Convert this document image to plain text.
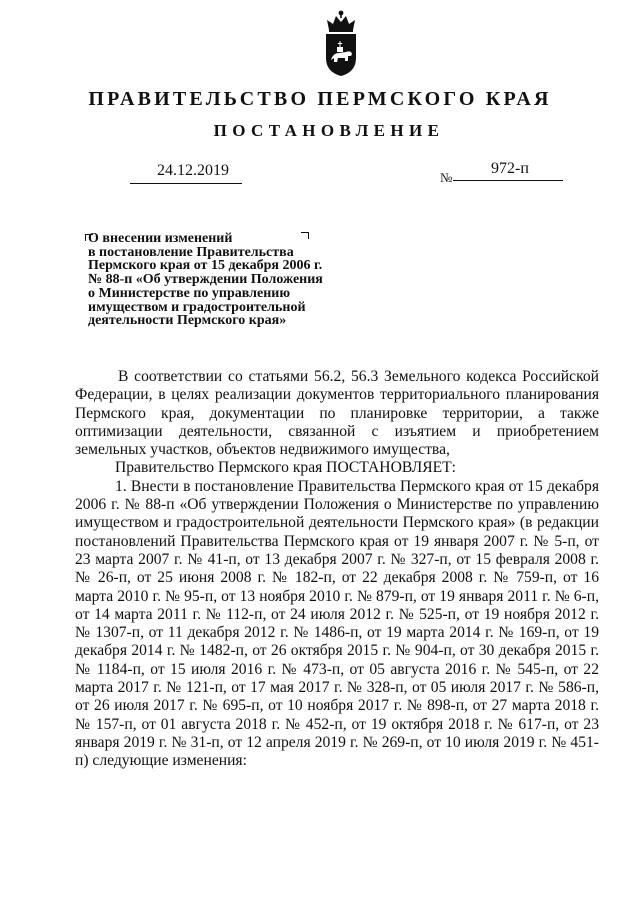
ПРАВИТЕЛЬСТВО ПЕРМСКОГО КРАЯ
ПОСТАНОВЛЕНИЕ
24.12.2019	№
972-п
О внесении изменений
в постановление Правительства
Пермского края от 15 декабря 2006 г.
№ 88-п «Об утверждении Положения
о Министерстве по управлению
имуществом и градостроительной
деятельности Пермского края»

В соответствии со статьями 56.2, 56.3 Земельного кодекса Российской Федерации, в целях реализации документов территориального планирования Пермского края, документации по планировке территории, а также оптимизации деятельности, связанной с изъятием и приобретением земельных участков, объектов недвижимого имущества,

Правительство Пермского края ПОСТАНОВЛЯЕТ:

1. Внести в постановление Правительства Пермского края от 15 декабря 2006 г. № 88-п «Об утверждении Положения о Министерстве по управлению имуществом и градостроительной деятельности Пермского края» (в редакции постановлений Правительства Пермского края от 19 января 2007 г. № 5-п, от 23 марта 2007 г. № 41-п, от 13 декабря 2007 г. № 327-п, от 15 февраля 2008 г. № 26-п, от 25 июня 2008 г. № 182-п, от 22 декабря 2008 г. № 759-п, от 16 марта 2010 г. № 95-п, от 13 ноября 2010 г. № 879-п, от 19 января 2011 г. № 6-п, от 14 марта 2011 г. № 112-п, от 24 июля 2012 г. № 525-п, от 19 ноября 2012 г. № 1307-п, от 11 декабря 2012 г. № 1486-п, от 19 марта 2014 г. № 169-п, от 19 декабря 2014 г. № 1482-п, от 26 октября 2015 г. № 904-п, от 30 декабря 2015 г. № 1184-п, от 15 июля 2016 г. № 473-п, от 05 августа 2016 г. № 545-п, от 22 марта 2017 г. № 121-п, от 17 мая 2017 г. № 328-п, от 05 июля 2017 г. № 586-п, от 26 июля 2017 г. № 695-п, от 10 ноября 2017 г. № 898-п, от 27 марта 2018 г. № 157-п, от 01 августа 2018 г. № 452-п, от 19 октября 2018 г. № 617-п, от 23 января 2019 г. № 31-п, от 12 апреля 2019 г. № 269-п, от 10 июля 2019 г. № 451-п) следующие изменения:
